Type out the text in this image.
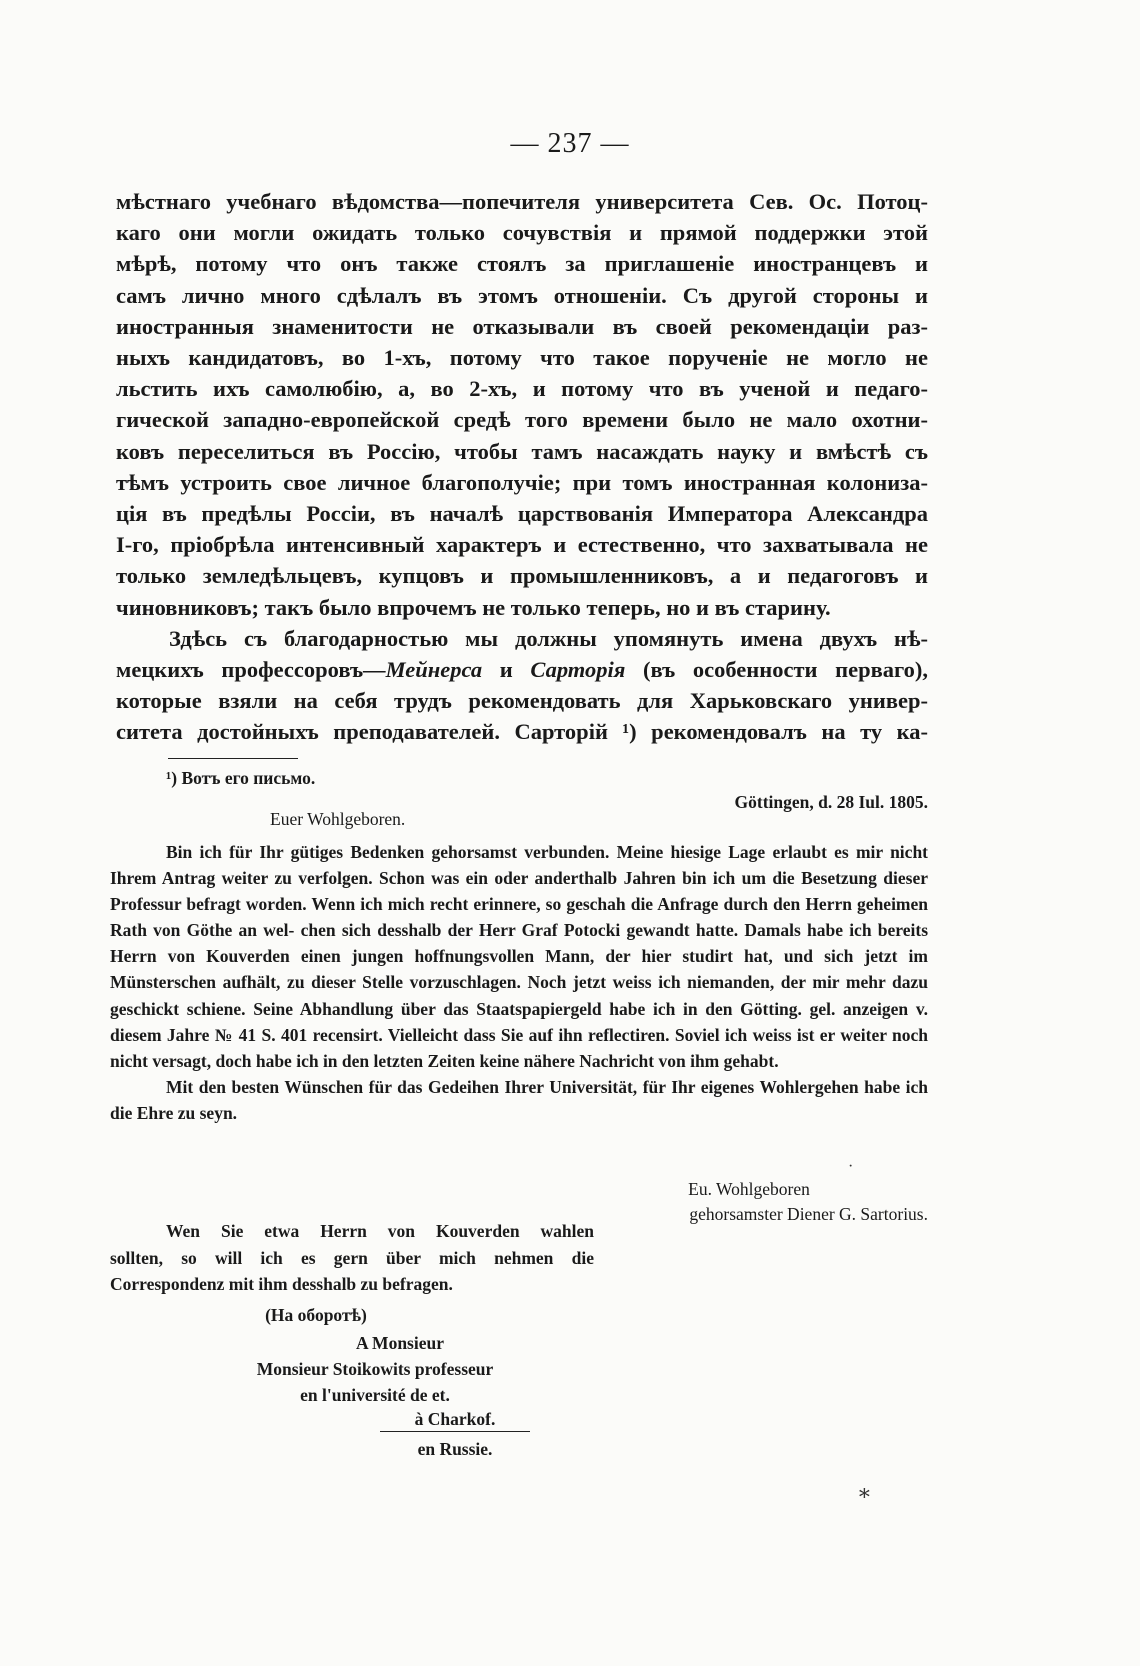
— 237 —

мѣстнаго учебнаго вѣдомства—попечителя университета Сев. Ос. Потоц-
каго они могли ожидать только сочувствія и прямой поддержки этой
мѣрѣ, потому что онъ также стоялъ за приглашеніе иностранцевъ и
самъ лично много сдѣлалъ въ этомъ отношеніи. Съ другой стороны и
иностранныя знаменитости не отказывали въ своей рекомендаціи раз-
ныхъ кандидатовъ, во 1-хъ, потому что такое порученіе не могло не
льстить ихъ самолюбію, а, во 2-хъ, и потому что въ ученой и педаго-
гической западно-европейской средѣ того времени было не мало охотни-
ковъ переселиться въ Россію, чтобы тамъ насаждать науку и вмѣстѣ съ
тѣмъ устроить свое личное благополучіе; при томъ иностранная колониза-
ція въ предѣлы Россіи, въ началѣ царствованія Императора Александра
I-го, пріобрѣла интенсивный характеръ и естественно, что захватывала не
только земледѣльцевъ, купцовъ и промышленниковъ, а и педагоговъ и

чиновниковъ; такъ было впрочемъ не только теперь, но и въ старину.

Здѣсь съ благодарностью мы должны упомянуть имена двухъ нѣ-
мецкихъ профессоровъ—Мейнерса и Сарторія (въ особенности перваго),
которые взяли на себя трудъ рекомендовать для Харьковскаго универ-
ситета достойныхъ преподавателей. Сарторій ¹) рекомендовалъ на ту ка-

¹) Вотъ его письмо.
Göttingen, d. 28 Iul. 1805.
Euer Wohlgeboren.

Bin ich für Ihr gütiges Bedenken gehorsamst verbunden. Meine hiesige Lage erlaubt es mir nicht Ihrem Antrag weiter zu verfolgen. Schon was ein oder anderthalb Jahren bin ich um die Besetzung dieser Professur befragt worden. Wenn ich mich recht erinnere, so geschah die Anfrage durch den Herrn geheimen Rath von Göthe an wel- chen sich desshalb der Herr Graf Potocki gewandt hatte. Damals habe ich bereits Herrn von Kouverden einen jungen hoffnungsvollen Mann, der hier studirt hat, und sich jetzt im Münsterschen aufhält, zu dieser Stelle vorzuschlagen. Noch jetzt weiss ich niemanden, der mir mehr dazu geschickt schiene. Seine Abhandlung über das Staatspapiergeld habe ich in den Götting. gel. anzeigen v. diesem Jahre № 41 S. 401 recensirt. Vielleicht dass Sie auf ihn reflectiren. Soviel ich weiss ist er weiter noch nicht versagt, doch habe ich in den letzten Zeiten keine nähere Nachricht von ihm gehabt.

Mit den besten Wünschen für das Gedeihen Ihrer Universität, für Ihr eigenes Wohlergehen habe ich die Ehre zu seyn.

Eu. Wohlgeboren
gehorsamster Diener G. Sartorius.

Wen Sie etwa Herrn von Kouverden wahlen
sollten, so will ich es gern über mich nehmen die

Correspondenz mit ihm desshalb zu befragen.

(На оборотѣ)
A Monsieur
Monsieur Stoikowits professeur
en l'université de et.
à Charkof.
en Russie.
∗
·
